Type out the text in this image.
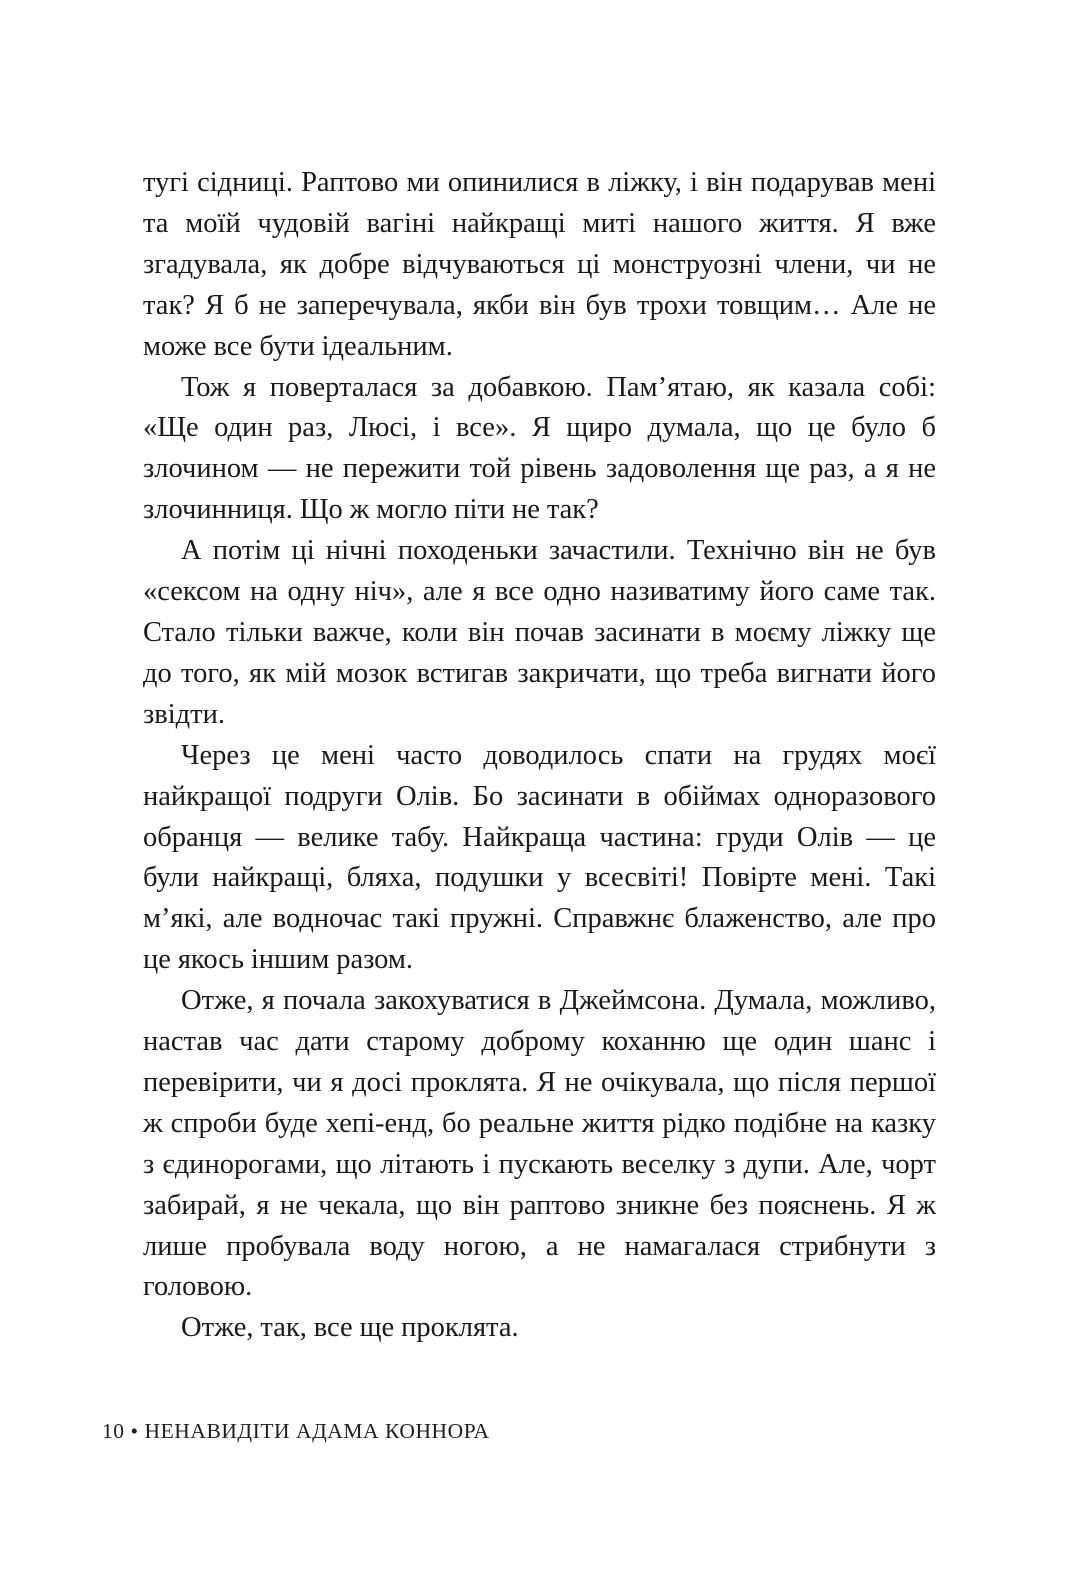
тугі сідниці. Раптово ми опинилися в ліжку, і він подарував мені та моїй чудовій вагіні найкращі миті нашого життя. Я вже згадувала, як добре відчуваються ці монструозні члени, чи не так? Я б не заперечувала, якби він був трохи товщим… Але не може все бути ідеальним.

Тож я поверталася за добавкою. Пам’ятаю, як казала собі: «Ще один раз, Люсі, і все». Я щиро думала, що це було б злочином — не пережити той рівень задоволення ще раз, а я не злочинниця. Що ж могло піти не так?

А потім ці нічні походеньки зачастили. Технічно він не був «сексом на одну ніч», але я все одно називатиму його саме так. Стало тільки важче, коли він почав засинати в моєму ліжку ще до того, як мій мозок встигав закричати, що треба вигнати його звідти.

Через це мені часто доводилось спати на грудях моєї найкращої подруги Олів. Бо засинати в обіймах одноразового обранця — велике табу. Найкраща частина: груди Олів — це були найкращі, бляха, подушки у всесвіті! Повірте мені. Такі м’які, але водночас такі пружні. Справжнє блаженство, але про це якось іншим разом.

Отже, я почала закохуватися в Джеймсона. Думала, можливо, настав час дати старому доброму коханню ще один шанс і перевірити, чи я досі проклята. Я не очікувала, що після першої ж спроби буде хепі-енд, бо реальне життя рідко подібне на казку з єдинорогами, що літають і пускають веселку з дупи. Але, чорт забирай, я не чекала, що він раптово зникне без пояснень. Я ж лише пробувала воду ногою, а не намагалася стрибнути з головою.

Отже, так, все ще проклята.

10 • НЕНАВИДІТИ АДАМА КОННОРА
